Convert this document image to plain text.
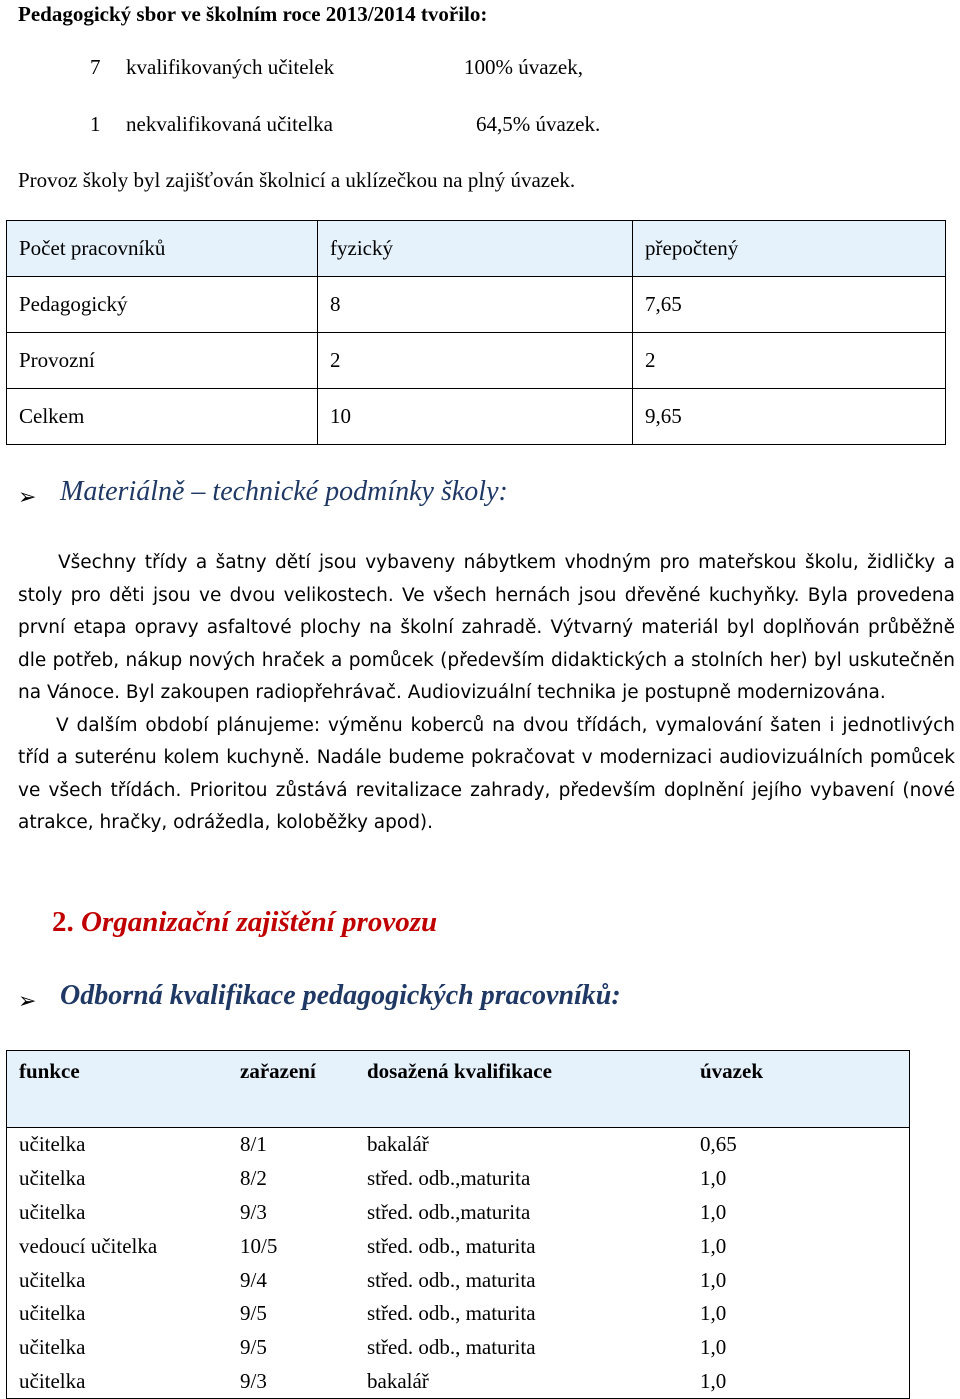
Pedagogický sbor ve školním roce 2013/2014 tvořilo:
7 kvalifikovaných učitelek	100% úvazek,
1 nekvalifikovaná učitelka	64,5% úvazek.
Provoz školy byl zajišťován školnicí a uklízečkou na plný úvazek.
Počet pracovníků	fyzický	přepočtený
Pedagogický	8	7,65
Provozní	2	2
Celkem	10	9,65
➢ Materiálně – technické podmínky školy:

Všechny třídy a šatny dětí jsou vybaveny nábytkem vhodným pro mateřskou školu, židličky a stoly pro děti jsou ve dvou velikostech. Ve všech hernách jsou dřevěné kuchyňky. Byla provedena první etapa opravy asfaltové plochy na školní zahradě. Výtvarný materiál byl doplňován průběžně dle potřeb, nákup nových hraček a pomůcek (především didaktických a stolních her) byl uskutečněn na Vánoce. Byl zakoupen radiopřehrávač. Audiovizuální technika je postupně modernizována.

V dalším období plánujeme: výměnu koberců na dvou třídách, vymalování šaten i jednotlivých tříd a suterénu kolem kuchyně. Nadále budeme pokračovat v modernizaci audiovizuálních pomůcek ve všech třídách. Prioritou zůstává revitalizace zahrady, především doplnění jejího vybavení (nové atrakce, hračky, odrážedla, koloběžky apod).

2. Organizační zajištění provozu
➢ Odborná kvalifikace pedagogických pracovníků:
funkce	zařazení	dosažená kvalifikace	úvazek
učitelka	8/1	bakalář	0,65
učitelka	8/2	střed. odb.,maturita	1,0
učitelka	9/3	střed. odb.,maturita	1,0
vedoucí učitelka	10/5	střed. odb., maturita	1,0
učitelka	9/4	střed. odb., maturita	1,0
učitelka	9/5	střed. odb., maturita	1,0
učitelka	9/5	střed. odb., maturita	1,0
učitelka	9/3	bakalář	1,0
